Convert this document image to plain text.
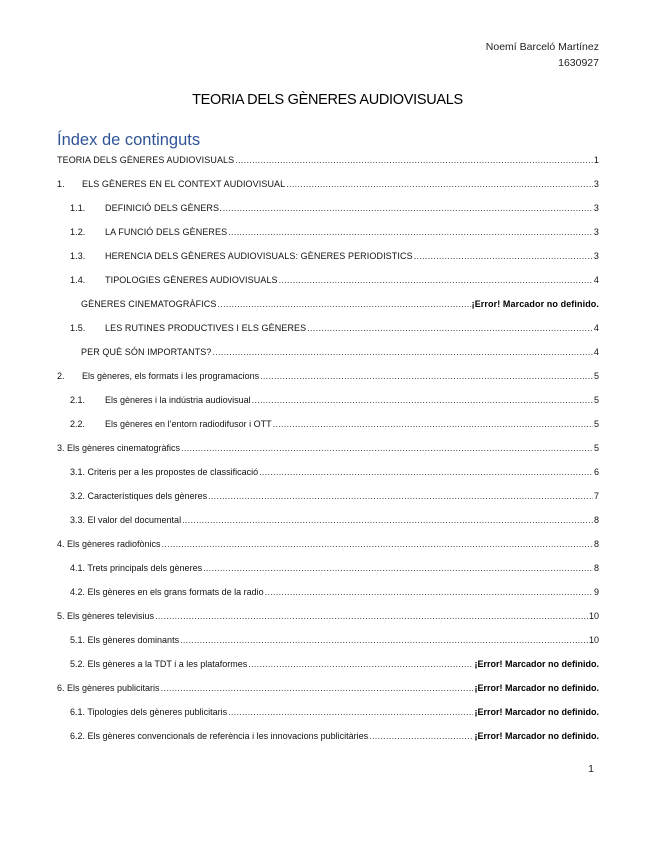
Noemí Barceló Martínez
1630927
TEORIA DELS GÈNERES AUDIOVISUALS
Índex de continguts
TEORIA DELS GÈNERES AUDIOVISUALS .....	1
1.	ELS GÈNERES EN EL CONTEXT AUDIOVISUAL .....	3
1.1.	DEFINICIÓ DELS GÈNERS. .....	3
1.2.	LA FUNCIÓ DELS GÈNERES .....	3
1.3.	HERENCIA DELS GÈNERES AUDIOVISUALS: GÈNERES PERIODISTICS .....	3
1.4.	TIPOLOGIES GÈNERES AUDIOVISUALS .....	4
GÈNERES CINEMATOGRÀFICS .....	¡Error! Marcador no definido.
1.5.	LES RUTINES PRODUCTIVES I ELS GÈNERES .....	4
PER QUÈ SÓN IMPORTANTS? .....	4
2.	Els gèneres, els formats i les programacions .....	5
2.1.	Els gèneres i la indústria audiovisual .....	5
2.2.	Els gèneres en l’entorn radiodifusor i OTT .....	5
3. Els gèneres cinematogràfics .....	5
3.1. Criteris per a les propostes de classificació .....	6
3.2. Característiques dels gèneres .....	7
3.3. El valor del documental .....	8
4. Els gèneres radiofònics .....	8
4.1. Trets principals dels gèneres .....	8
4.2. Els gèneres en els grans formats de la radio .....	9
5. Els gèneres televisius .....	10
5.1. Els gèneres dominants .....	10
5.2. Els gèneres a la TDT i a les plataformes .....	¡Error! Marcador no definido.
6. Els gèneres publicitaris .....	¡Error! Marcador no definido.
6.1. Tipologies dels gèneres publicitaris .....	¡Error! Marcador no definido.
6.2. Els gèneres convencionals de referència i les innovacions publicitàries .....	¡Error! Marcador no definido.
1
